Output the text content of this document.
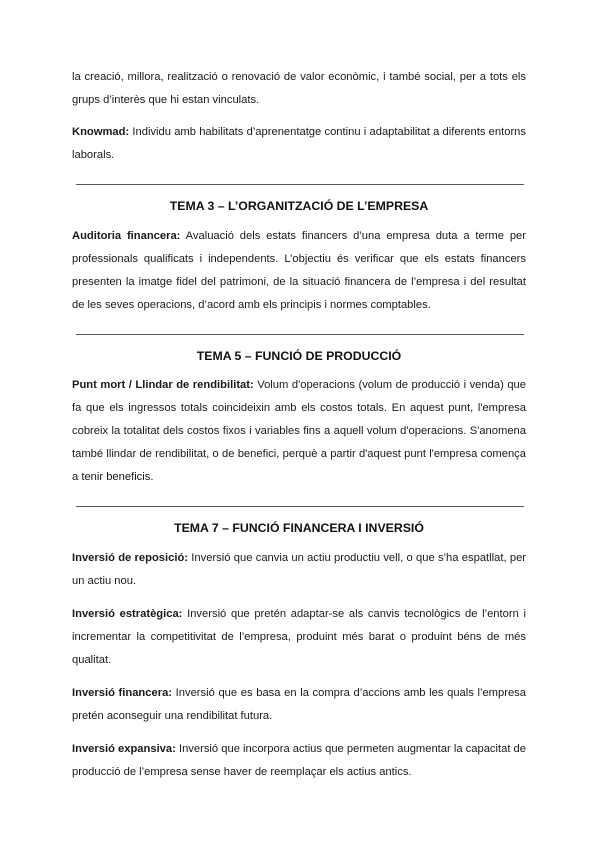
la creació, millora, realització o renovació de valor econòmic, i també social, per a tots els grups d’interès que hi estan vinculats.

Knowmad: Individu amb habilitats d’aprenentatge continu i adaptabilitat a diferents entorns laborals.

TEMA 3 – L’ORGANITZACIÓ DE L’EMPRESA

Auditoria financera: Avaluació dels estats financers d’una empresa duta a terme per professionals qualificats i independents. L’objectiu és verificar que els estats financers presenten la imatge fidel del patrimoni, de la situació financera de l’empresa i del resultat de les seves operacions, d’acord amb els principis i normes comptables.

TEMA 5 – FUNCIÓ DE PRODUCCIÓ

Punt mort / Llindar de rendibilitat: Volum d'operacions (volum de producció i venda) que fa que els ingressos totals coincideixin amb els costos totals. En aquest punt, l'empresa cobreix la totalitat dels costos fixos i variables fins a aquell volum d'operacions. S'anomena també llindar de rendibilitat, o de benefici, perquè a partir d'aquest punt l'empresa comença a tenir beneficis.

TEMA 7 – FUNCIÓ FINANCERA I INVERSIÓ

Inversió de reposició: Inversió que canvia un actiu productiu vell, o que s’ha espatllat, per un actiu nou.

Inversió estratègica: Inversió que pretén adaptar-se als canvis tecnològics de l’entorn i incrementar la competitivitat de l’empresa, produint més barat o produint béns de més qualitat.

Inversió financera: Inversió que es basa en la compra d’accions amb les quals l’empresa pretén aconseguir una rendibilitat futura.

Inversió expansiva: Inversió que incorpora actius que permeten augmentar la capacitat de producció de l’empresa sense haver de reemplaçar els actius antics.
